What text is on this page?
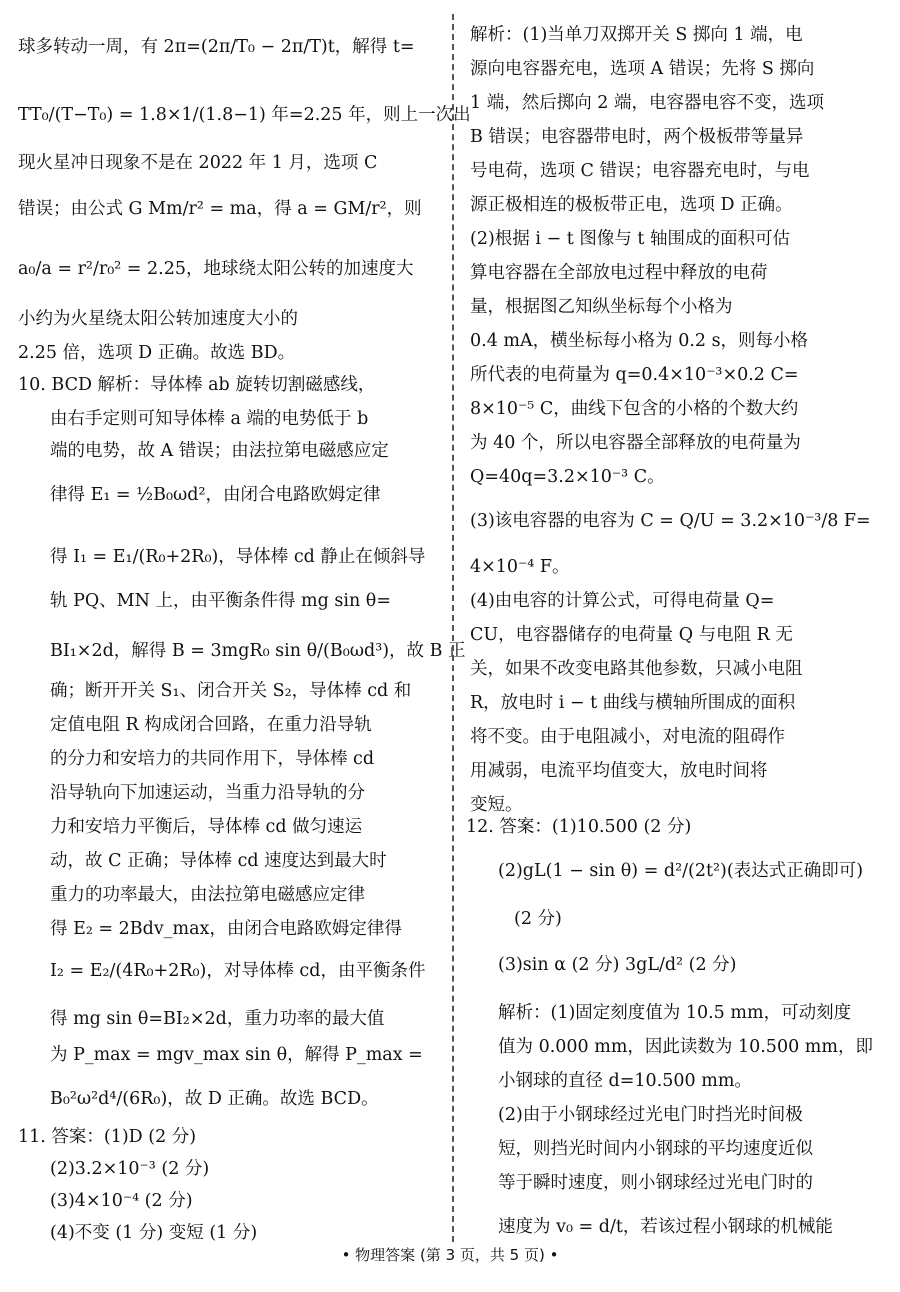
球多转动一周，有 2π=(2π/T₀ − 2π/T)t，解得 t=
TT₀/(T−T₀) = 1.8×1/(1.8−1) 年=2.25 年，则上一次出
现火星冲日现象不是在 2022 年 1 月，选项 C
错误；由公式 G Mm/r² = ma，得 a = GM/r²，则
a₀/a = r²/r₀² = 2.25，地球绕太阳公转的加速度大
小约为火星绕太阳公转加速度大小的
2.25 倍，选项 D 正确。故选 BD。
10. BCD 解析：导体棒 ab 旋转切割磁感线，
由右手定则可知导体棒 a 端的电势低于 b
端的电势，故 A 错误；由法拉第电磁感应定
律得 E₁ = ½B₀ωd²，由闭合电路欧姆定律
得 I₁ = E₁/(R₀+2R₀)，导体棒 cd 静止在倾斜导
轨 PQ、MN 上，由平衡条件得 mg sin θ=
BI₁×2d，解得 B = 3mgR₀ sin θ/(B₀ωd³)，故 B 正
确；断开开关 S₁、闭合开关 S₂，导体棒 cd 和
定值电阻 R 构成闭合回路，在重力沿导轨
的分力和安培力的共同作用下，导体棒 cd
沿导轨向下加速运动，当重力沿导轨的分
力和安培力平衡后，导体棒 cd 做匀速运
动，故 C 正确；导体棒 cd 速度达到最大时
重力的功率最大，由法拉第电磁感应定律
得 E₂ = 2Bdv_max，由闭合电路欧姆定律得
I₂ = E₂/(4R₀+2R₀)，对导体棒 cd，由平衡条件
得 mg sin θ=BI₂×2d，重力功率的最大值
为 P_max = mgv_max sin θ，解得 P_max =
B₀²ω²d⁴/(6R₀)，故 D 正确。故选 BCD。
11. 答案：(1)D (2 分)
(2)3.2×10⁻³ (2 分)
(3)4×10⁻⁴ (2 分)
(4)不变 (1 分) 变短 (1 分)
解析：(1)当单刀双掷开关 S 掷向 1 端，电
源向电容器充电，选项 A 错误；先将 S 掷向
1 端，然后掷向 2 端，电容器电容不变，选项
B 错误；电容器带电时，两个极板带等量异
号电荷，选项 C 错误；电容器充电时，与电
源正极相连的极板带正电，选项 D 正确。
(2)根据 i − t 图像与 t 轴围成的面积可估
算电容器在全部放电过程中释放的电荷
量，根据图乙知纵坐标每个小格为
0.4 mA，横坐标每小格为 0.2 s，则每小格
所代表的电荷量为 q=0.4×10⁻³×0.2 C=
8×10⁻⁵ C，曲线下包含的小格的个数大约
为 40 个，所以电容器全部释放的电荷量为
Q=40q=3.2×10⁻³ C。
(3)该电容器的电容为 C = Q/U = 3.2×10⁻³/8 F=
4×10⁻⁴ F。
(4)由电容的计算公式，可得电荷量 Q=
CU，电容器储存的电荷量 Q 与电阻 R 无
关，如果不改变电路其他参数，只减小电阻
R，放电时 i − t 曲线与横轴所围成的面积
将不变。由于电阻减小，对电流的阻碍作
用减弱，电流平均值变大，放电时间将
变短。
12. 答案：(1)10.500 (2 分)
(2)gL(1 − sin θ) = d²/(2t²)(表达式正确即可)
(2 分)
(3)sin α (2 分) 3gL/d² (2 分)
解析：(1)固定刻度值为 10.5 mm，可动刻度
值为 0.000 mm，因此读数为 10.500 mm，即
小钢球的直径 d=10.500 mm。
(2)由于小钢球经过光电门时挡光时间极
短，则挡光时间内小钢球的平均速度近似
等于瞬时速度，则小钢球经过光电门时的
速度为 v₀ = d/t，若该过程小钢球的机械能
• 物理答案 (第 3 页，共 5 页) •
